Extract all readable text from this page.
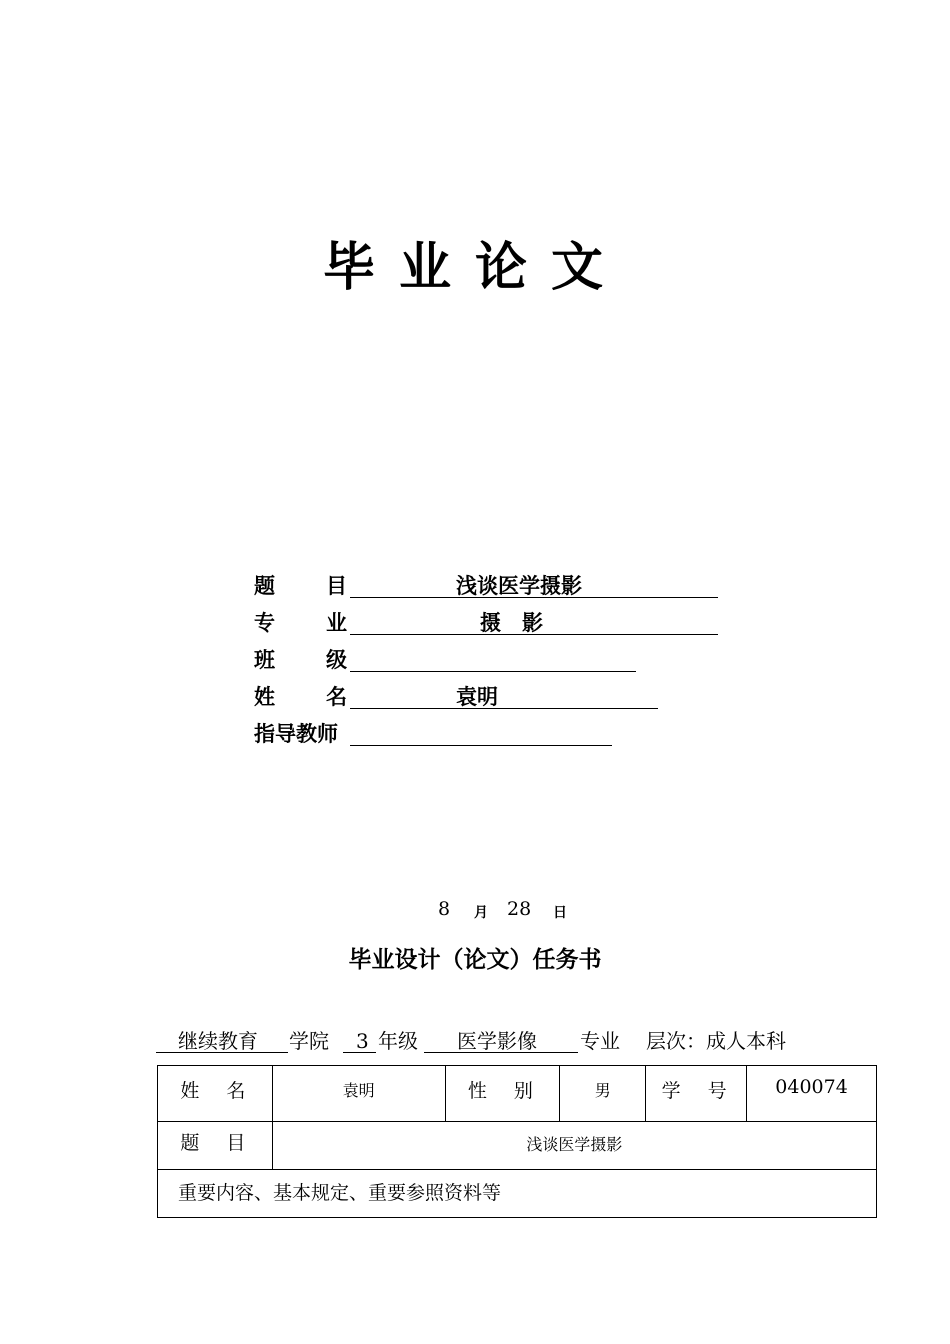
毕业论文
题 目	浅谈医学摄影
专 业	摄　影
班 级
姓 名	袁明
指导教师
8 月 28 日
毕业设计（论文）任务书
继续教育 学院 3 年级 医学影像 专业 层次：成人本科
姓　名	袁明	性　别	男	学　号	040074
题　目	浅谈医学摄影				
重要内容、基本规定、重要参照资料等					
